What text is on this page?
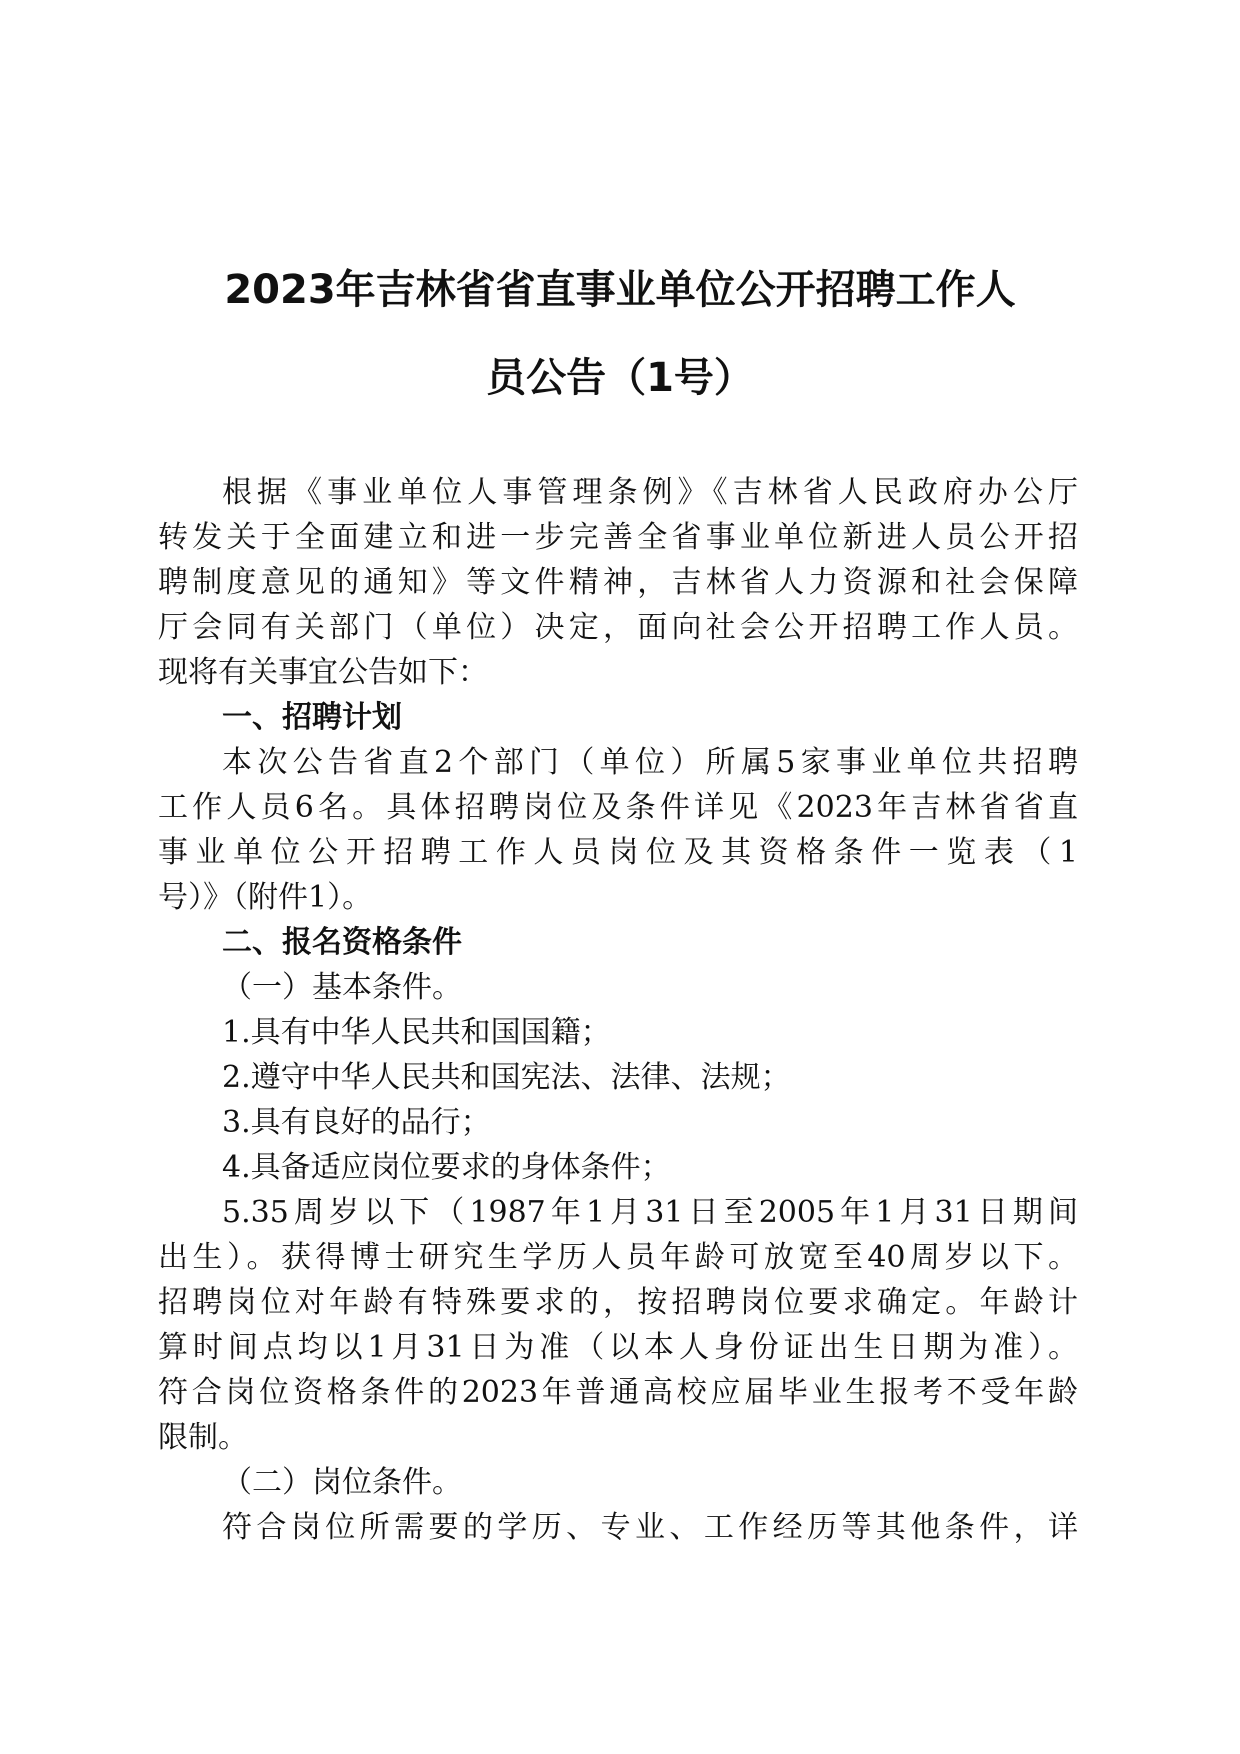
2023年吉林省省直事业单位公开招聘工作人
员公告（1号）
根据《事业单位人事管理条例》《吉林省人民政府办公厅
转发关于全面建立和进一步完善全省事业单位新进人员公开招
聘制度意见的通知》等文件精神，吉林省人力资源和社会保障
厅会同有关部门（单位）决定，面向社会公开招聘工作人员。
现将有关事宜公告如下：
一、招聘计划
本次公告省直2个部门（单位）所属5家事业单位共招聘
工作人员6名。具体招聘岗位及条件详见《2023年吉林省省直
事业单位公开招聘工作人员岗位及其资格条件一览表（1
号）》（附件1）。
二、报名资格条件
（一）基本条件。
1.具有中华人民共和国国籍；
2.遵守中华人民共和国宪法、法律、法规；
3.具有良好的品行；
4.具备适应岗位要求的身体条件；
5.35周岁以下（1987年1月31日至2005年1月31日期间
出生）。获得博士研究生学历人员年龄可放宽至40周岁以下。
招聘岗位对年龄有特殊要求的，按招聘岗位要求确定。年龄计
算时间点均以1月31日为准（以本人身份证出生日期为准）。
符合岗位资格条件的2023年普通高校应届毕业生报考不受年龄
限制。
（二）岗位条件。
符合岗位所需要的学历、专业、工作经历等其他条件，详
